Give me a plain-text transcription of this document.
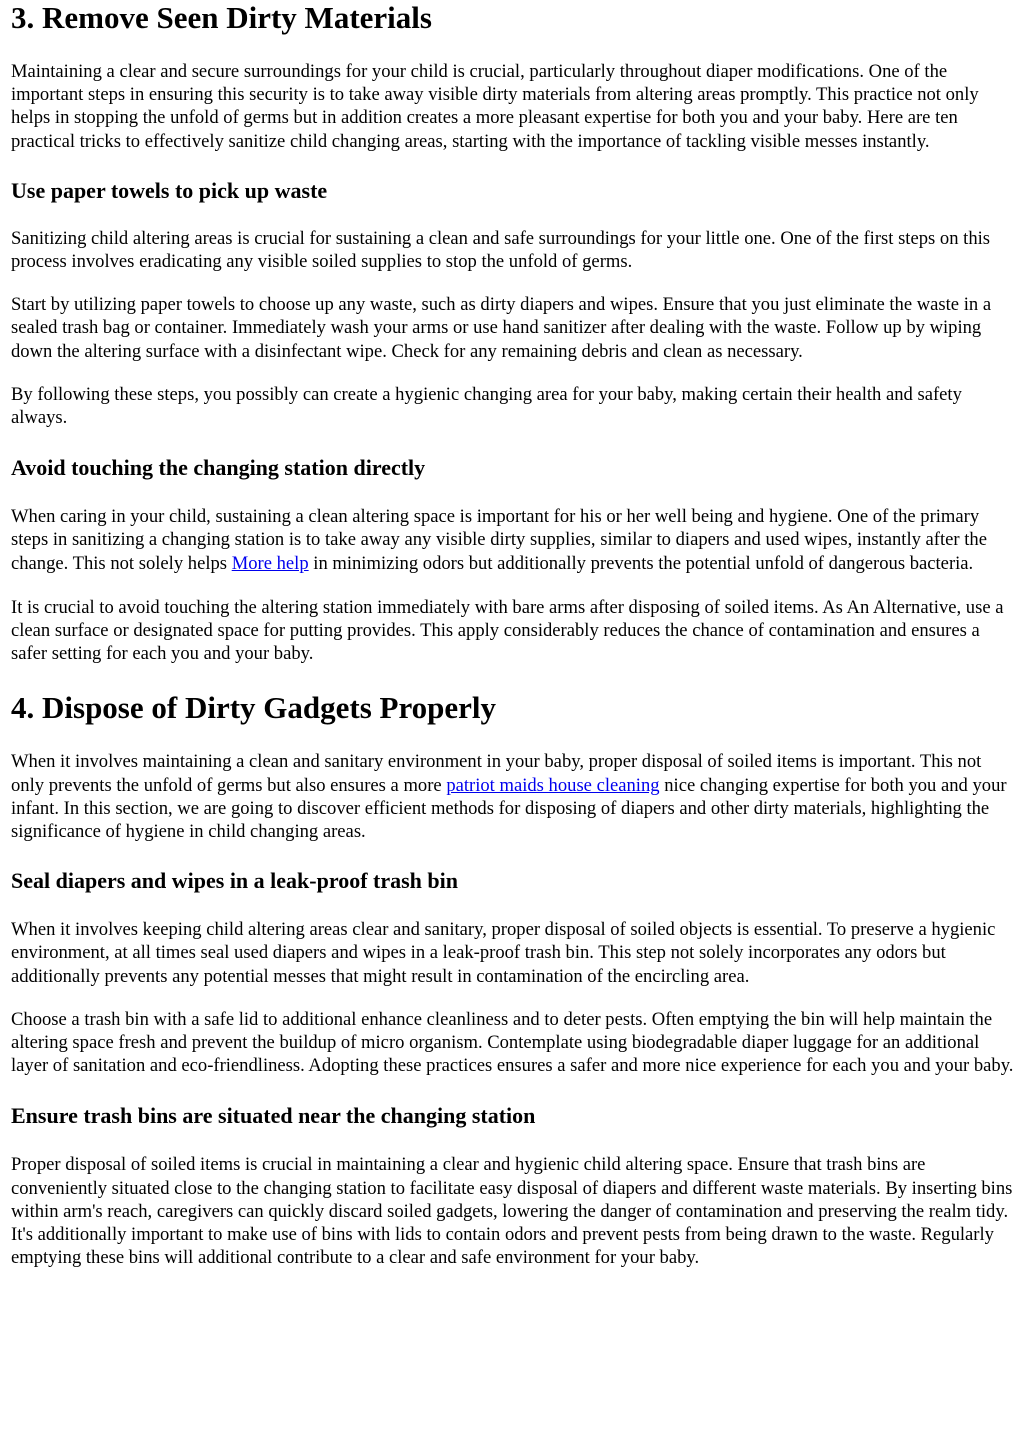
3. Remove Seen Dirty Materials

Maintaining a clear and secure surroundings for your child is crucial, particularly throughout diaper modifications. One of the important steps in ensuring this security is to take away visible dirty materials from altering areas promptly. This practice not only helps in stopping the unfold of germs but in addition creates a more pleasant expertise for both you and your baby. Here are ten practical tricks to effectively sanitize child changing areas, starting with the importance of tackling visible messes instantly.

Use paper towels to pick up waste

Sanitizing child altering areas is crucial for sustaining a clean and safe surroundings for your little one. One of the first steps on this process involves eradicating any visible soiled supplies to stop the unfold of germs.

Start by utilizing paper towels to choose up any waste, such as dirty diapers and wipes. Ensure that you just eliminate the waste in a sealed trash bag or container. Immediately wash your arms or use hand sanitizer after dealing with the waste. Follow up by wiping down the altering surface with a disinfectant wipe. Check for any remaining debris and clean as necessary.

By following these steps, you possibly can create a hygienic changing area for your baby, making certain their health and safety always.

Avoid touching the changing station directly

When caring in your child, sustaining a clean altering space is important for his or her well being and hygiene. One of the primary steps in sanitizing a changing station is to take away any visible dirty supplies, similar to diapers and used wipes, instantly after the change. This not solely helps More help in minimizing odors but additionally prevents the potential unfold of dangerous bacteria.

It is crucial to avoid touching the altering station immediately with bare arms after disposing of soiled items. As An Alternative, use a clean surface or designated space for putting provides. This apply considerably reduces the chance of contamination and ensures a safer setting for each you and your baby.

4. Dispose of Dirty Gadgets Properly

When it involves maintaining a clean and sanitary environment in your baby, proper disposal of soiled items is important. This not only prevents the unfold of germs but also ensures a more patriot maids house cleaning nice changing expertise for both you and your infant. In this section, we are going to discover efficient methods for disposing of diapers and other dirty materials, highlighting the significance of hygiene in child changing areas.

Seal diapers and wipes in a leak-proof trash bin

When it involves keeping child altering areas clear and sanitary, proper disposal of soiled objects is essential. To preserve a hygienic environment, at all times seal used diapers and wipes in a leak-proof trash bin. This step not solely incorporates any odors but additionally prevents any potential messes that might result in contamination of the encircling area.

Choose a trash bin with a safe lid to additional enhance cleanliness and to deter pests. Often emptying the bin will help maintain the altering space fresh and prevent the buildup of micro organism. Contemplate using biodegradable diaper luggage for an additional layer of sanitation and eco-friendliness. Adopting these practices ensures a safer and more nice experience for each you and your baby.

Ensure trash bins are situated near the changing station

Proper disposal of soiled items is crucial in maintaining a clear and hygienic child altering space. Ensure that trash bins are conveniently situated close to the changing station to facilitate easy disposal of diapers and different waste materials. By inserting bins within arm's reach, caregivers can quickly discard soiled gadgets, lowering the danger of contamination and preserving the realm tidy. It's additionally important to make use of bins with lids to contain odors and prevent pests from being drawn to the waste. Regularly emptying these bins will additional contribute to a clear and safe environment for your baby.
